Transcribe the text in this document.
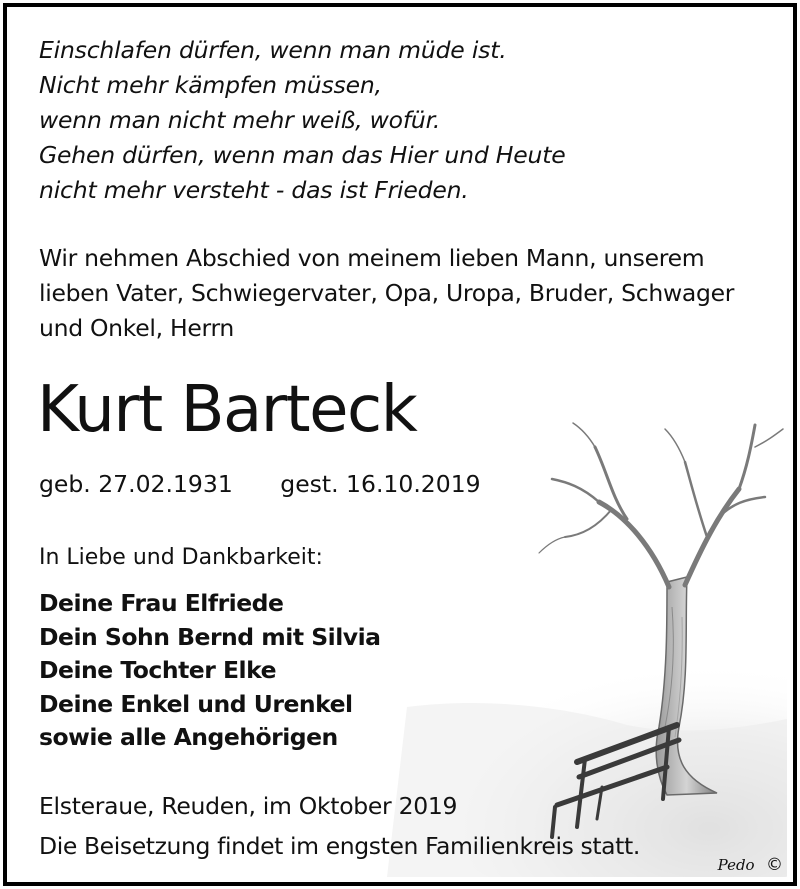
Einschlafen dürfen, wenn man müde ist.
Nicht mehr kämpfen müssen,
wenn man nicht mehr weiß, wofür.
Gehen dürfen, wenn man das Hier und Heute
nicht mehr versteht - das ist Frieden.

Wir nehmen Abschied von meinem lieben Mann, unserem
lieben Vater, Schwiegervater, Opa, Uropa, Bruder, Schwager
und Onkel, Herrn

Kurt Barteck
geb. 27.02.1931 gest. 16.10.2019
In Liebe und Dankbarkeit:

Deine Frau Elfriede
Dein Sohn Bernd mit Silvia
Deine Tochter Elke
Deine Enkel und Urenkel
sowie alle Angehörigen

Elsteraue, Reuden, im Oktober 2019
Die Beisetzung findet im engsten Familienkreis statt.
Pedo ©
